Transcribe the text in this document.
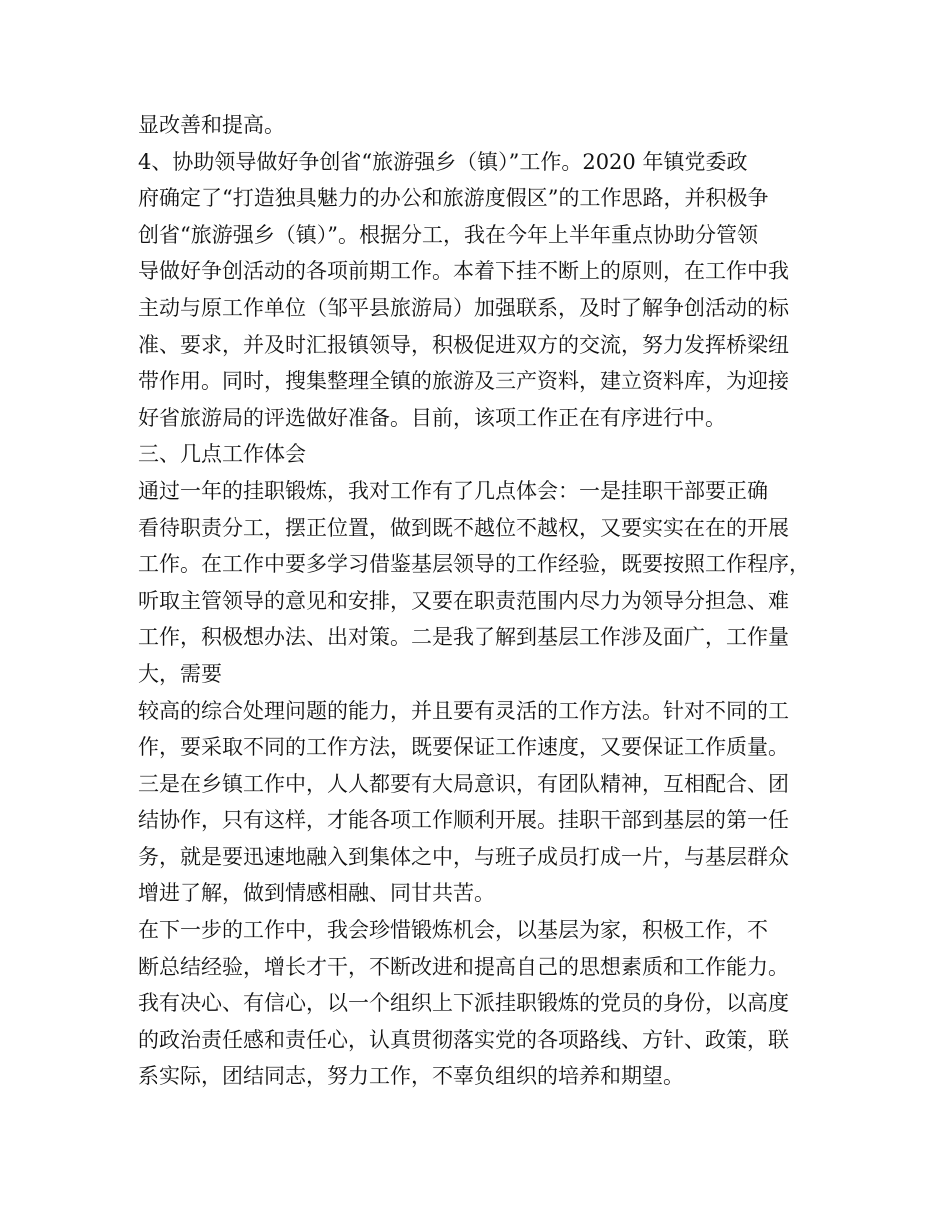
显改善和提高。
4、协助领导做好争创省“旅游强乡（镇）”工作。2020 年镇党委政
府确定了“打造独具魅力的办公和旅游度假区”的工作思路，并积极争
创省“旅游强乡（镇）”。根据分工，我在今年上半年重点协助分管领
导做好争创活动的各项前期工作。本着下挂不断上的原则，在工作中我
主动与原工作单位（邹平县旅游局）加强联系，及时了解争创活动的标
准、要求，并及时汇报镇领导，积极促进双方的交流，努力发挥桥梁纽
带作用。同时，搜集整理全镇的旅游及三产资料，建立资料库，为迎接
好省旅游局的评选做好准备。目前，该项工作正在有序进行中。
三、几点工作体会
通过一年的挂职锻炼，我对工作有了几点体会：一是挂职干部要正确
看待职责分工，摆正位置，做到既不越位不越权，又要实实在在的开展
工作。在工作中要多学习借鉴基层领导的工作经验，既要按照工作程序，
听取主管领导的意见和安排，又要在职责范围内尽力为领导分担急、难
工作，积极想办法、出对策。二是我了解到基层工作涉及面广，工作量
大，需要
较高的综合处理问题的能力，并且要有灵活的工作方法。针对不同的工
作，要采取不同的工作方法，既要保证工作速度，又要保证工作质量。
三是在乡镇工作中，人人都要有大局意识，有团队精神，互相配合、团
结协作，只有这样，才能各项工作顺利开展。挂职干部到基层的第一任
务，就是要迅速地融入到集体之中，与班子成员打成一片，与基层群众
增进了解，做到情感相融、同甘共苦。
在下一步的工作中，我会珍惜锻炼机会，以基层为家，积极工作，不
断总结经验，增长才干，不断改进和提高自己的思想素质和工作能力。
我有决心、有信心，以一个组织上下派挂职锻炼的党员的身份，以高度
的政治责任感和责任心，认真贯彻落实党的各项路线、方针、政策，联
系实际，团结同志，努力工作，不辜负组织的培养和期望。
